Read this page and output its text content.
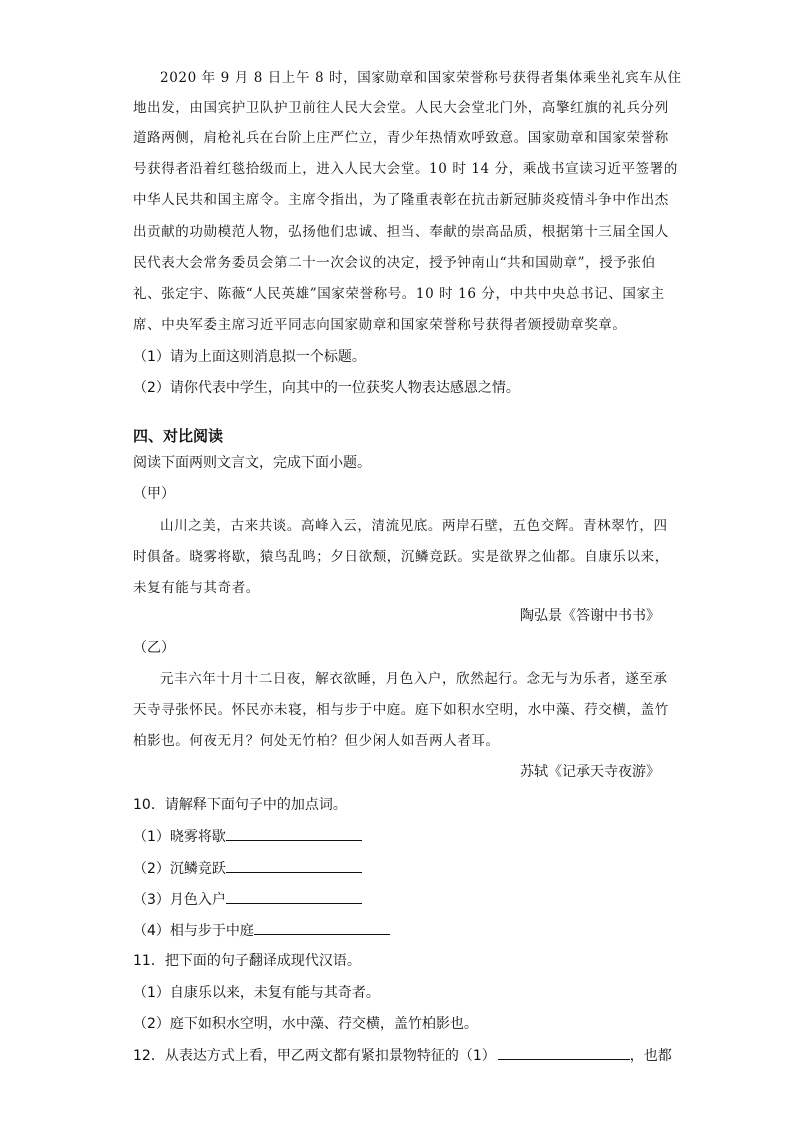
2020 年 9 月 8 日上午 8 时，国家勋章和国家荣誉称号获得者集体乘坐礼宾车从住
地出发，由国宾护卫队护卫前往人民大会堂。人民大会堂北门外，高擎红旗的礼兵分列
道路两侧，肩枪礼兵在台阶上庄严伫立，青少年热情欢呼致意。国家勋章和国家荣誉称
号获得者沿着红毯拾级而上，进入人民大会堂。10 时 14 分，乘战书宣读习近平签署的
中华人民共和国主席令。主席令指出，为了隆重表彰在抗击新冠肺炎疫情斗争中作出杰
出贡献的功勋模范人物，弘扬他们忠诚、担当、奉献的崇高品质，根据第十三届全国人
民代表大会常务委员会第二十一次会议的决定，授予钟南山“共和国勋章”，授予张伯
礼、张定宇、陈薇“人民英雄”国家荣誉称号。10 时 16 分，中共中央总书记、国家主
席、中央军委主席习近平同志向国家勋章和国家荣誉称号获得者颁授勋章奖章。
（1）请为上面这则消息拟一个标题。
（2）请你代表中学生，向其中的一位获奖人物表达感恩之情。
四、对比阅读
阅读下面两则文言文，完成下面小题。
（甲）
山川之美，古来共谈。高峰入云，清流见底。两岸石壁，五色交辉。青林翠竹，四
时俱备。晓雾将歇，猿鸟乱鸣；夕日欲颓，沉鳞竞跃。实是欲界之仙都。自康乐以来，
未复有能与其奇者。
陶弘景《答谢中书书》
（乙）
元丰六年十月十二日夜，解衣欲睡，月色入户，欣然起行。念无与为乐者，遂至承
天寺寻张怀民。怀民亦未寝，相与步于中庭。庭下如积水空明，水中藻、荇交横，盖竹
柏影也。何夜无月？何处无竹柏？但少闲人如吾两人者耳。
苏轼《记承天寺夜游》
10．请解释下面句子中的加点词。
（1）晓雾将歇
（2）沉鳞竞跃
（3）月色入户
（4）相与步于中庭
11．把下面的句子翻译成现代汉语。
（1）自康乐以来，未复有能与其奇者。
（2）庭下如积水空明，水中藻、荇交横，盖竹柏影也。
12．从表达方式上看，甲乙两文都有紧扣景物特征的（1）	，也都
